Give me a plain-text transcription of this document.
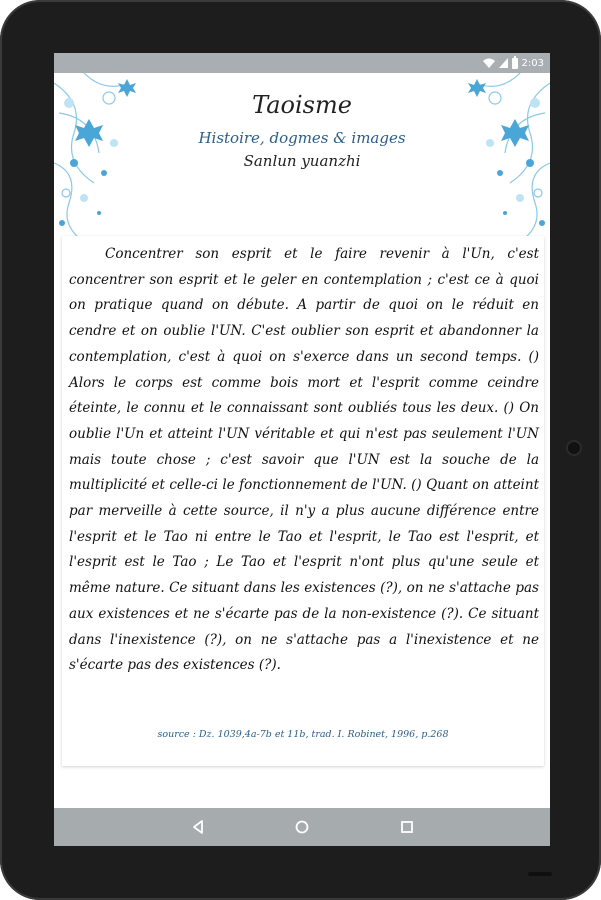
2:03
Taoisme
Histoire, dogmes & images
Sanlun yuanzhi

Concentrer son esprit et le faire revenir à l'Un, c'est concentrer son esprit et le geler en contemplation ; c'est ce à quoi on pratique quand on débute. A partir de quoi on le réduit en cendre et on oublie l'UN. C'est oublier son esprit et abandonner la contemplation, c'est à quoi on s'exerce dans un second temps. () Alors le corps est comme bois mort et l'esprit comme ceindre éteinte, le connu et le connaissant sont oubliés tous les deux. () On oublie l'Un et atteint l'UN véritable et qui n'est pas seulement l'UN mais toute chose ; c'est savoir que l'UN est la souche de la multiplicité et celle-ci le fonctionnement de l'UN. () Quant on atteint par merveille à cette source, il n'y a plus aucune différence entre l'esprit et le Tao ni entre le Tao et l'esprit, le Tao est l'esprit, et l'esprit est le Tao ; Le Tao et l'esprit n'ont plus qu'une seule et même nature. Ce situant dans les existences (?), on ne s'attache pas aux existences et ne s'écarte pas de la non-existence (?). Ce situant dans l'inexistence (?), on ne s'attache pas a l'inexistence et ne s'écarte pas des existences (?).

source : Dz. 1039,4a-7b et 11b, trad. I. Robinet, 1996, p.268
